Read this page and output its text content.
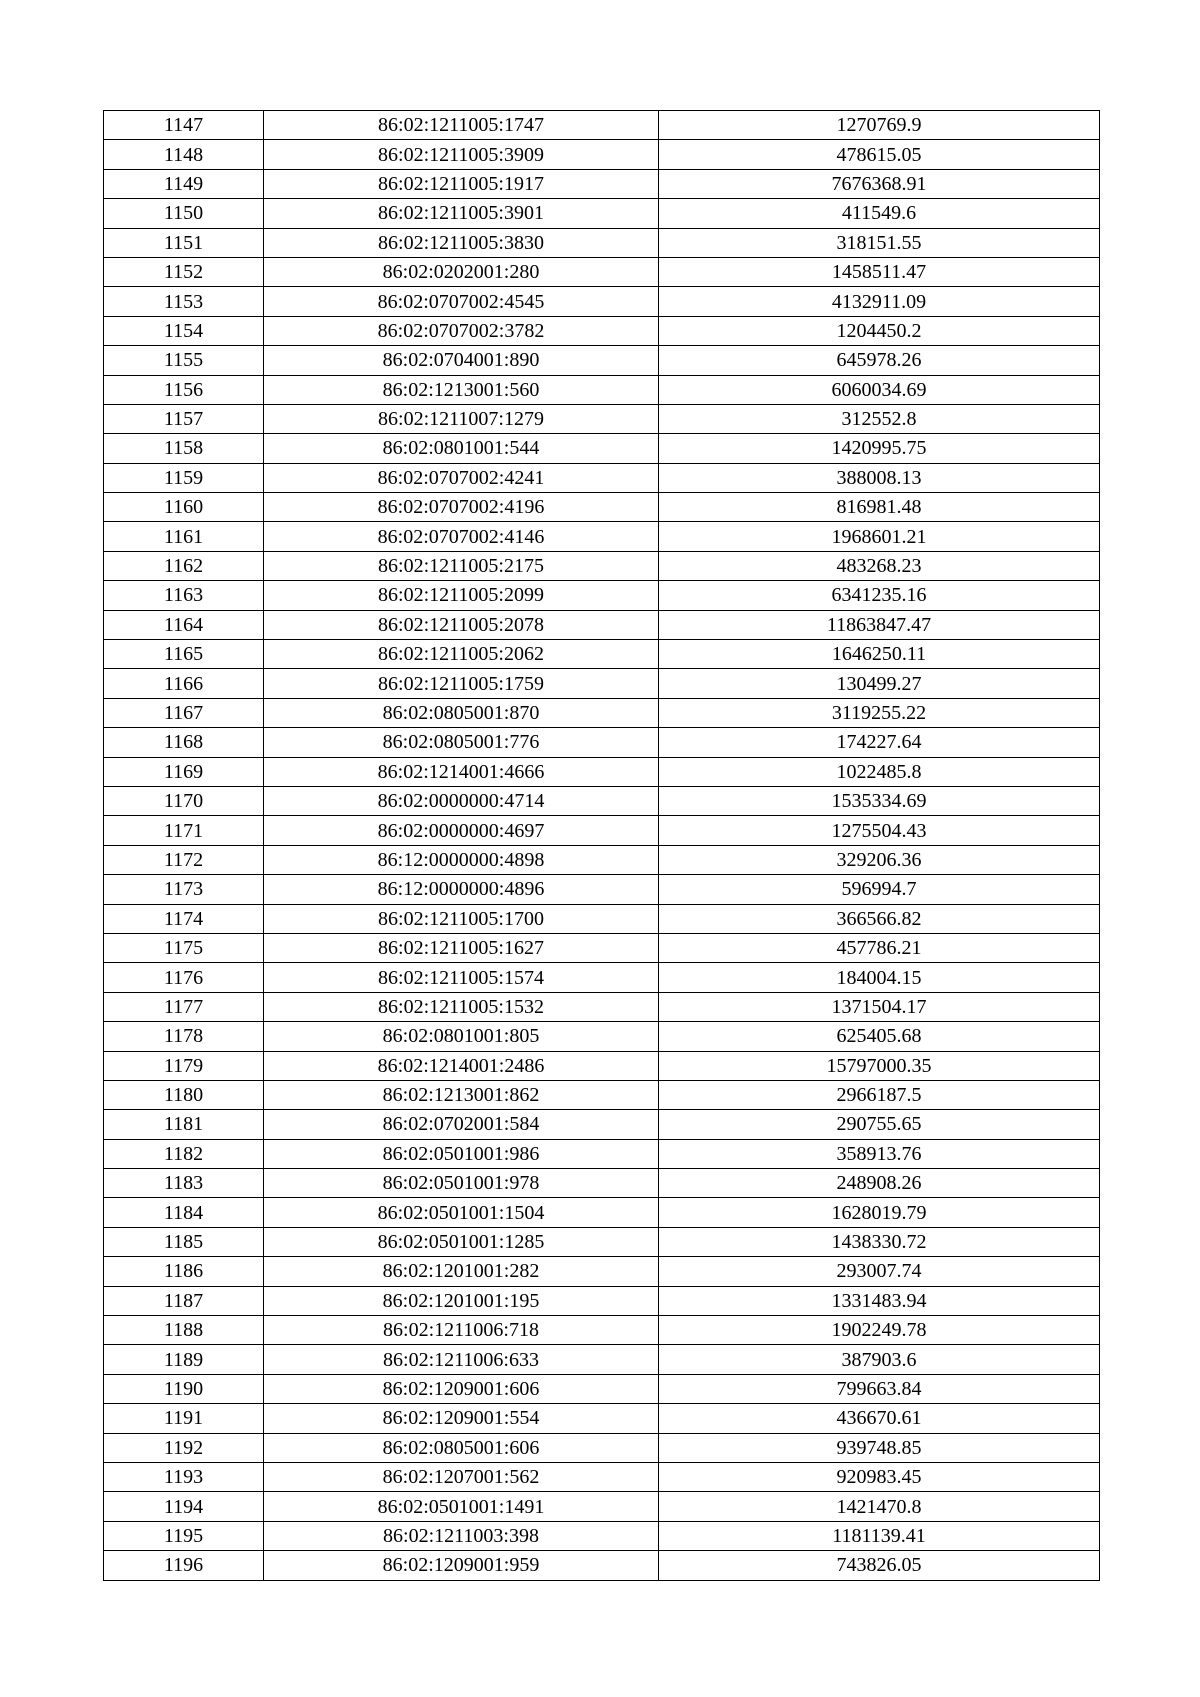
1147	86:02:1211005:1747	1270769.9
1148	86:02:1211005:3909	478615.05
1149	86:02:1211005:1917	7676368.91
1150	86:02:1211005:3901	411549.6
1151	86:02:1211005:3830	318151.55
1152	86:02:0202001:280	1458511.47
1153	86:02:0707002:4545	4132911.09
1154	86:02:0707002:3782	1204450.2
1155	86:02:0704001:890	645978.26
1156	86:02:1213001:560	6060034.69
1157	86:02:1211007:1279	312552.8
1158	86:02:0801001:544	1420995.75
1159	86:02:0707002:4241	388008.13
1160	86:02:0707002:4196	816981.48
1161	86:02:0707002:4146	1968601.21
1162	86:02:1211005:2175	483268.23
1163	86:02:1211005:2099	6341235.16
1164	86:02:1211005:2078	11863847.47
1165	86:02:1211005:2062	1646250.11
1166	86:02:1211005:1759	130499.27
1167	86:02:0805001:870	3119255.22
1168	86:02:0805001:776	174227.64
1169	86:02:1214001:4666	1022485.8
1170	86:02:0000000:4714	1535334.69
1171	86:02:0000000:4697	1275504.43
1172	86:12:0000000:4898	329206.36
1173	86:12:0000000:4896	596994.7
1174	86:02:1211005:1700	366566.82
1175	86:02:1211005:1627	457786.21
1176	86:02:1211005:1574	184004.15
1177	86:02:1211005:1532	1371504.17
1178	86:02:0801001:805	625405.68
1179	86:02:1214001:2486	15797000.35
1180	86:02:1213001:862	2966187.5
1181	86:02:0702001:584	290755.65
1182	86:02:0501001:986	358913.76
1183	86:02:0501001:978	248908.26
1184	86:02:0501001:1504	1628019.79
1185	86:02:0501001:1285	1438330.72
1186	86:02:1201001:282	293007.74
1187	86:02:1201001:195	1331483.94
1188	86:02:1211006:718	1902249.78
1189	86:02:1211006:633	387903.6
1190	86:02:1209001:606	799663.84
1191	86:02:1209001:554	436670.61
1192	86:02:0805001:606	939748.85
1193	86:02:1207001:562	920983.45
1194	86:02:0501001:1491	1421470.8
1195	86:02:1211003:398	1181139.41
1196	86:02:1209001:959	743826.05
